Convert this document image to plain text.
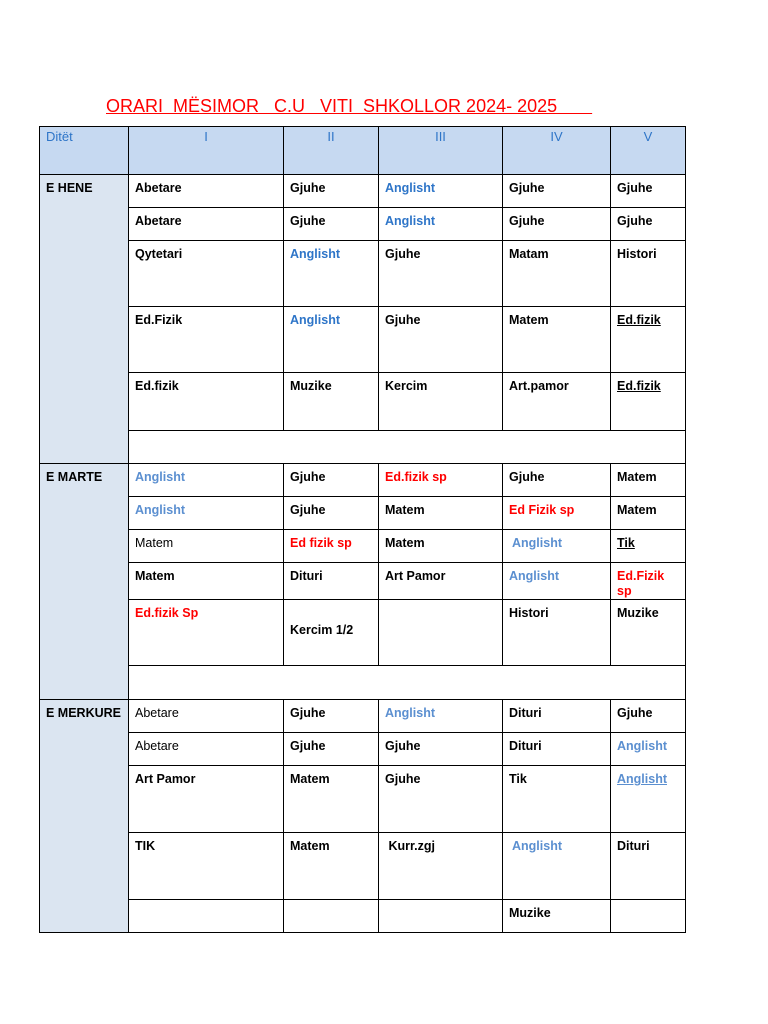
ORARI  MËSIMOR   C.U   VITI  SHKOLLOR 2024- 2025
Ditët	I	II	III	IV	V
E HENE	Abetare	Gjuhe	Anglisht	Gjuhe	Gjuhe
	Abetare	Gjuhe	Anglisht	Gjuhe	Gjuhe
	Qytetari	Anglisht	Gjuhe	Matam	Histori
	Ed.Fizik	Anglisht	Gjuhe	Matem	Ed.fizik
	Ed.fizik	Muzike	Kercim	Art.pamor	Ed.fizik

E MARTE	Anglisht	Gjuhe	Ed.fizik sp	Gjuhe	Matem
	Anglisht	Gjuhe	Matem	Ed Fizik sp	Matem
	Matem	Ed fizik sp	Matem	Anglisht	Tik
	Matem	Dituri	Art Pamor	Anglisht	Ed.Fizik sp
	Ed.fizik Sp	Kercim 1/2		Histori	Muzike

E MERKURE	Abetare	Gjuhe	Anglisht	Dituri	Gjuhe
	Abetare	Gjuhe	Gjuhe	Dituri	Anglisht
	Art Pamor	Matem	Gjuhe	Tik	Anglisht
	TIK	Matem	Kurr.zgj	Anglisht	Dituri
				Muzike	
